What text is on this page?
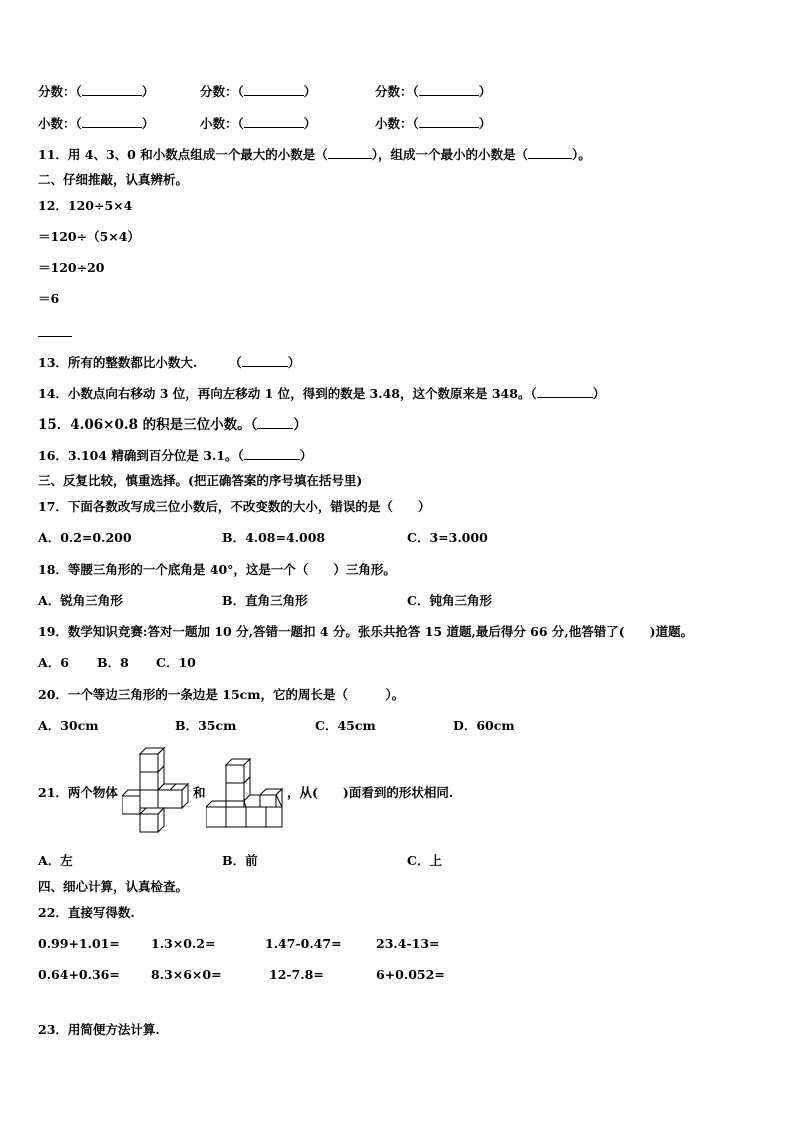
分数：（	）	分数：（	）	分数：（	）
小数：（	）	小数：（	）	小数：（	）
11．用 4、3、0 和小数点组成一个最大的小数是（	），组成一个最小的小数是（	）。
二、仔细推敲，认真辨析。
12．120÷5×4
＝120÷（5×4）
＝120÷20
＝6
13．所有的整数都比小数大.	（	）
14．小数点向右移动 3 位，再向左移动 1 位，得到的数是 3.48，这个数原来是 348。（	）
15．4.06×0.8 的积是三位小数。（	）
16．3.104 精确到百分位是 3.1。（	）
三、反复比较，慎重选择。(把正确答案的序号填在括号里)
17．下面各数改写成三位小数后，不改变数的大小，错误的是（　　）
A．0.2=0.200	B．4.08=4.008	C．3=3.000
18．等腰三角形的一个底角是 40°，这是一个（　　）三角形。
A．锐角三角形	B．直角三角形	C．钝角三角形
19．数学知识竞赛:答对一题加 10 分,答错一题扣 4 分。张乐共抢答 15 道题,最后得分 66 分,他答错了(　　)道题。
A．6 B．8 C．10
20．一个等边三角形的一条边是 15cm，它的周长是（　　　）。
A．30cm	B．35cm	C．45cm	D．60cm
21．两个物体	和	，从(　　)面看到的形状相同.
A．左	B．前	C．上
四、细心计算，认真检查。
22．直接写得数.
0.99+1.01= 1.3×0.2=	1.47-0.47=	23.4-13=
0.64+0.36= 8.3×6×0=	12-7.8=	6+0.052=
23．用简便方法计算.
